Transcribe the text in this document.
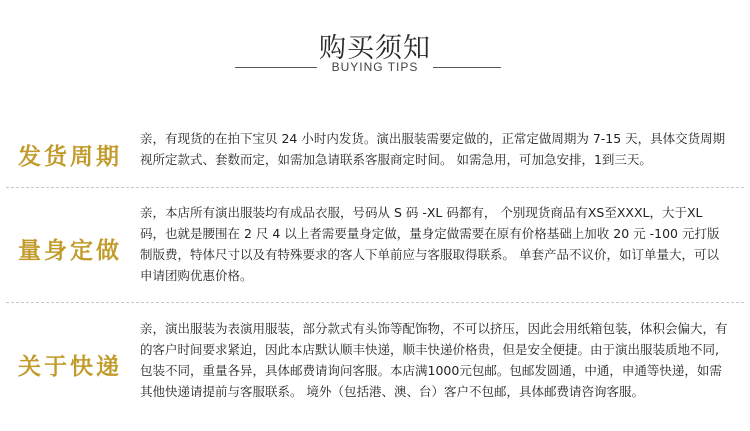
购买须知
BUYING TIPS
发货周期
亲，有现货的在拍下宝贝 24 小时内发货。演出服装需要定做的，正常定做周期为 7-15 天，具体交货周期视所定款式、套数而定，如需加急请联系客服商定时间。 如需急用，可加急安排，1到三天。
量身定做
亲，本店所有演出服装均有成品衣服，号码从 S 码 -XL 码都有， 个别现货商品有XS至XXXL，大于XL 码，也就是腰围在 2 尺 4 以上者需要量身定做，量身定做需要在原有价格基础上加收 20 元 -100 元打版制版费，特体尺寸以及有特殊要求的客人下单前应与客服取得联系。 单套产品不议价，如订单量大，可以申请团购优惠价格。
关于快递
亲，演出服装为表演用服装，部分款式有头饰等配饰物，不可以挤压，因此会用纸箱包装，体积会偏大，有的客户时间要求紧迫，因此本店默认顺丰快递，顺丰快递价格贵，但是安全便捷。由于演出服装质地不同,包装不同，重量各异，具体邮费请询问客服。本店满1000元包邮。包邮发圆通，中通，申通等快递，如需其他快递请提前与客服联系。 境外（包括港、澳、台）客户不包邮，具体邮费请咨询客服。
